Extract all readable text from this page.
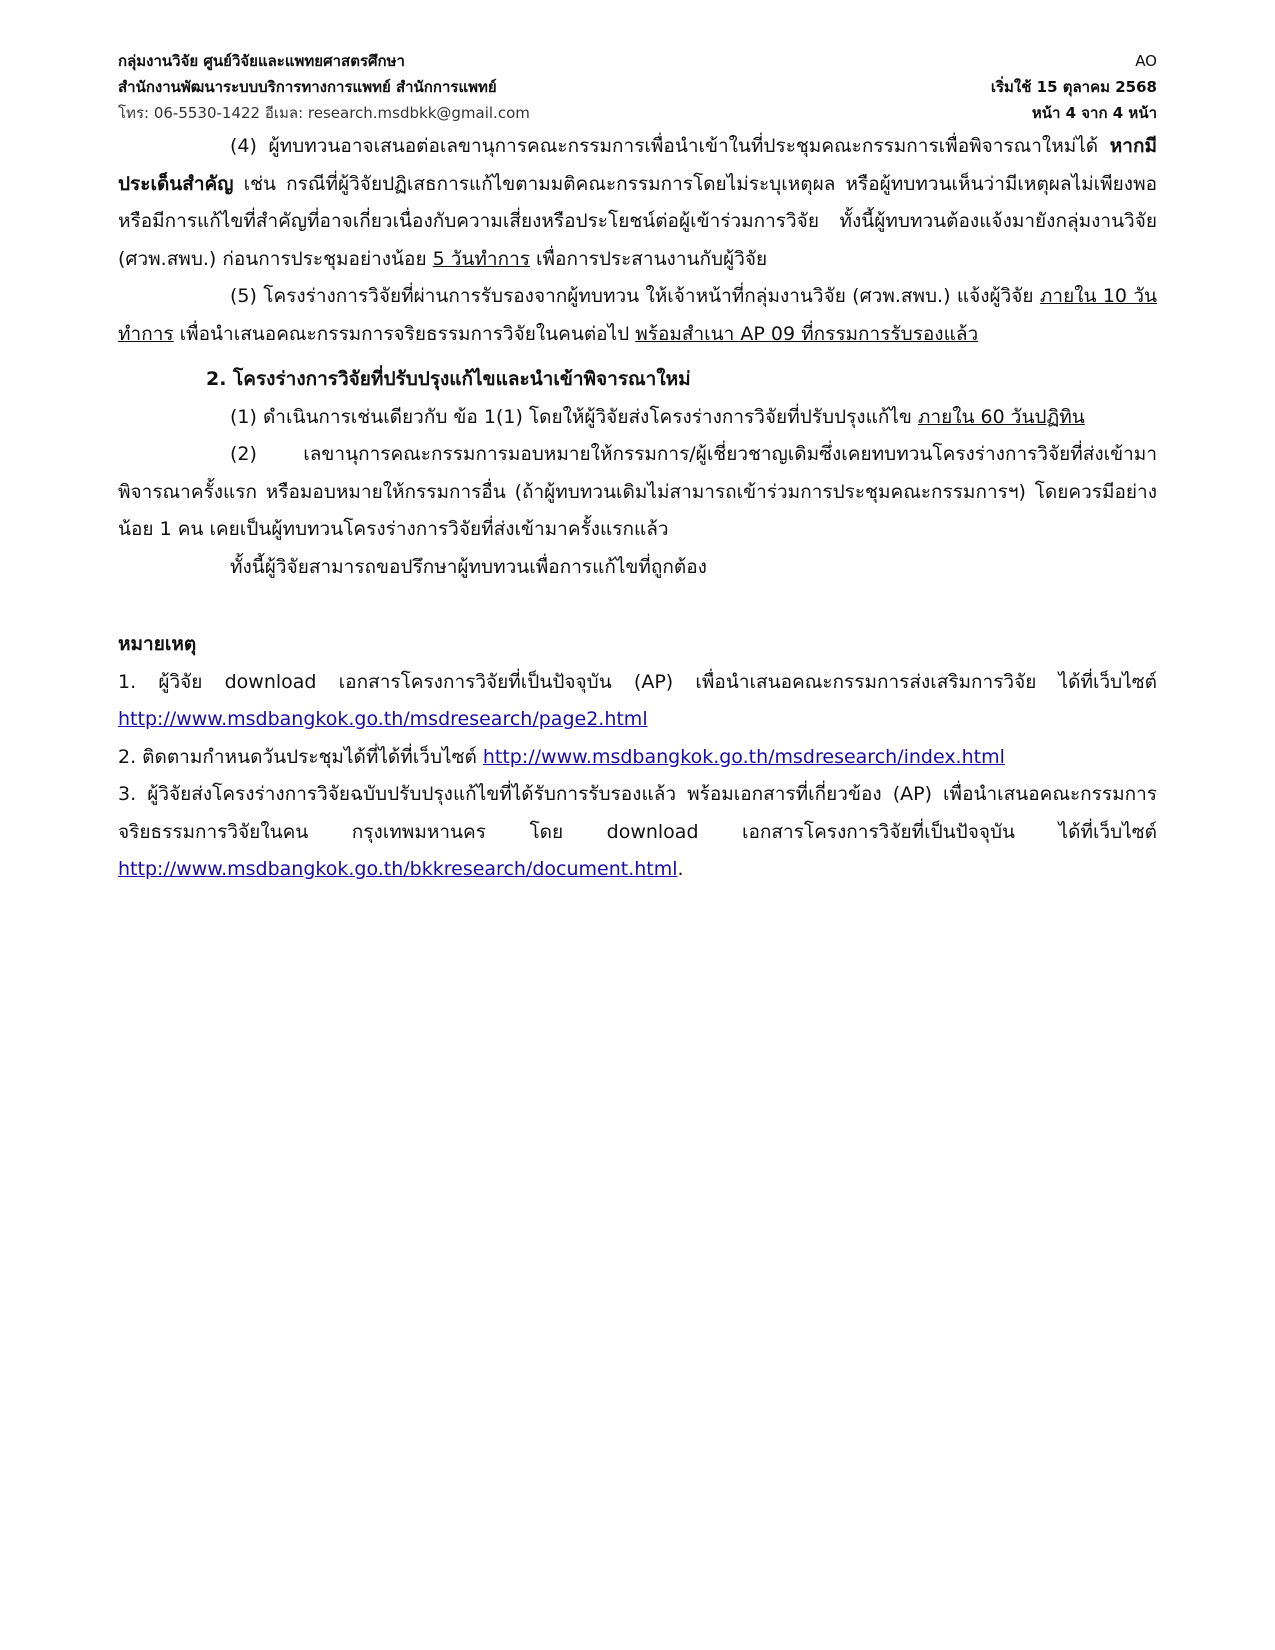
กลุ่มงานวิจัย ศูนย์วิจัยและแพทยศาสตรศึกษา
สำนักงานพัฒนาระบบบริการทางการแพทย์ สำนักการแพทย์
โทร: 06-5530-1422 อีเมล: research.msdbkk@gmail.com
AO
เริ่มใช้ 15 ตุลาคม 2568
หน้า 4 จาก 4 หน้า

(4) ผู้ทบทวนอาจเสนอต่อเลขานุการคณะกรรมการเพื่อนำเข้าในที่ประชุมคณะกรรมการเพื่อพิจารณาใหม่ได้ หากมีประเด็นสำคัญ เช่น กรณีที่ผู้วิจัยปฏิเสธการแก้ไขตามมติคณะกรรมการโดยไม่ระบุเหตุผล หรือผู้ทบทวนเห็นว่ามีเหตุผลไม่เพียงพอ หรือมีการแก้ไขที่สำคัญที่อาจเกี่ยวเนื่องกับความเสี่ยงหรือประโยชน์ต่อผู้เข้าร่วมการวิจัย ทั้งนี้ผู้ทบทวนต้องแจ้งมายังกลุ่มงานวิจัย (ศวพ.สพบ.) ก่อนการประชุมอย่างน้อย 5 วันทำการ เพื่อการประสานงานกับผู้วิจัย

(5) โครงร่างการวิจัยที่ผ่านการรับรองจากผู้ทบทวน ให้เจ้าหน้าที่กลุ่มงานวิจัย (ศวพ.สพบ.) แจ้งผู้วิจัย ภายใน 10 วันทำการ เพื่อนำเสนอคณะกรรมการจริยธรรมการวิจัยในคนต่อไป พร้อมสำเนา AP 09 ที่กรรมการรับรองแล้ว

2. โครงร่างการวิจัยที่ปรับปรุงแก้ไขและนำเข้าพิจารณาใหม่

(1) ดำเนินการเช่นเดียวกับ ข้อ 1(1) โดยให้ผู้วิจัยส่งโครงร่างการวิจัยที่ปรับปรุงแก้ไข ภายใน 60 วันปฏิทิน

(2) เลขานุการคณะกรรมการมอบหมายให้กรรมการ/ผู้เชี่ยวชาญเดิมซึ่งเคยทบทวนโครงร่างการวิจัยที่ส่งเข้ามาพิจารณาครั้งแรก หรือมอบหมายให้กรรมการอื่น (ถ้าผู้ทบทวนเดิมไม่สามารถเข้าร่วมการประชุมคณะกรรมการฯ) โดยควรมีอย่างน้อย 1 คน เคยเป็นผู้ทบทวนโครงร่างการวิจัยที่ส่งเข้ามาครั้งแรกแล้ว

ทั้งนี้ผู้วิจัยสามารถขอปรึกษาผู้ทบทวนเพื่อการแก้ไขที่ถูกต้อง

หมายเหตุ

1. ผู้วิจัย download เอกสารโครงการวิจัยที่เป็นปัจจุบัน (AP) เพื่อนำเสนอคณะกรรมการส่งเสริมการวิจัย ได้ที่เว็บไซต์ http://www.msdbangkok.go.th/msdresearch/page2.html

2. ติดตามกำหนดวันประชุมได้ที่ได้ที่เว็บไซต์ http://www.msdbangkok.go.th/msdresearch/index.html

3. ผู้วิจัยส่งโครงร่างการวิจัยฉบับปรับปรุงแก้ไขที่ได้รับการรับรองแล้ว พร้อมเอกสารที่เกี่ยวข้อง (AP) เพื่อนำเสนอคณะกรรมการจริยธรรมการวิจัยในคน กรุงเทพมหานคร โดย download เอกสารโครงการวิจัยที่เป็นปัจจุบัน ได้ที่เว็บไซต์ http://www.msdbangkok.go.th/bkkresearch/document.html.
